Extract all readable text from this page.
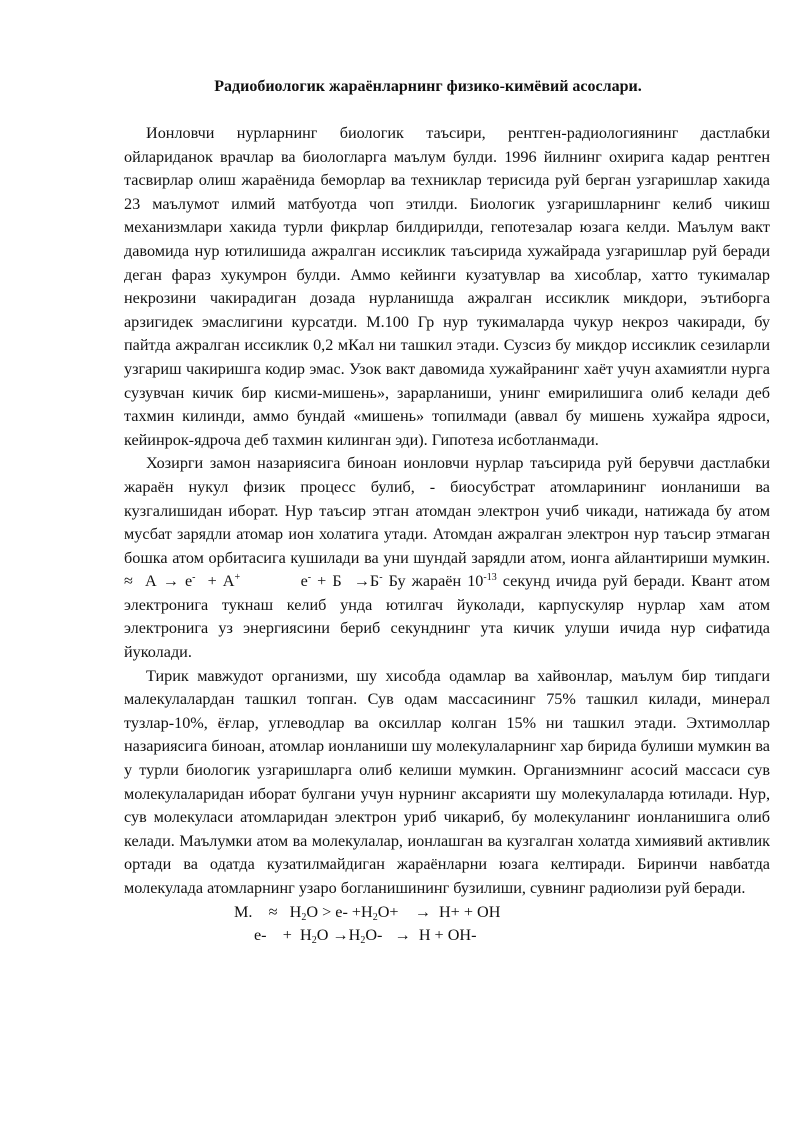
Радиобиологик жараёнларнинг физико-кимёвий асослари.

Ионловчи нурларнинг биологик таъсири, рентген-радиологиянинг дастлабки ойлариданок врачлар ва биологларга маълум булди. 1996 йилнинг охирига кадар рентген тасвирлар олиш жараёнида беморлар ва техниклар терисида руй берган узгаришлар хакида 23 маълумот илмий матбуотда чоп этилди. Биологик узгаришларнинг келиб чикиш механизмлари хакида турли фикрлар билдирилди, гепотезалар юзага келди. Маълум вакт давомида нур ютилишида ажралган иссиклик таъсирида хужайрада узгаришлар руй беради деган фараз хукумрон булди. Аммо кейинги кузатувлар ва хисоблар, хатто тукималар некрозини чакирадиган дозада нурланишда ажралган иссиклик микдори, эътиборга арзигидек эмаслигини курсатди. М.100 Гр нур тукималарда чукур некроз чакиради, бу пайтда ажралган иссиклик 0,2 мКал ни ташкил этади. Сузсиз бу микдор иссиклик сезиларли узгариш чакиришга кодир эмас. Узок вакт давомида хужайранинг хаёт учун ахамиятли нурга сузувчан кичик бир кисми-мишень», зарарланиши, унинг емирилишига олиб келади деб тахмин килинди, аммо бундай «мишень» топилмади (аввал бу мишень хужайра ядроси, кейинрок-ядроча деб тахмин килинган эди). Гипотеза исботланмади.

Хозирги замон назариясига биноан ионловчи нурлар таъсирида руй берувчи дастлабки жараён нукул физик процесс булиб, - биосубстрат атомларининг ионланиши ва кузгалишидан иборат. Нур таъсир этган атомдан электрон учиб чикади, натижада бу атом мусбат зарядли атомар ион холатига утади. Атомдан ажралган электрон нур таъсир этмаган бошка атом орбитасига кушилади ва уни шундай зарядли атом, ионга айлантириши мумкин. ≈  А → е-  + А+          е- + Б  →Б- Бу жараён $10^{-13}$ секунд ичида руй беради. Квант атом электронига тукнаш келиб унда ютилгач йуколади, карпускуляр нурлар хам атом электронига уз энергиясини бериб секунднинг ута кичик улуши ичида нур сифатида йуколади.

Тирик мавжудот организми, шу хисобда одамлар ва хайвонлар, маълум бир типдаги малекулалардан ташкил топган. Сув одам массасининг 75% ташкил килади, минерал тузлар-10%, ёғлар, углеводлар ва оксиллар колган 15% ни ташкил этади. Эхтимоллар назариясига биноан, атомлар ионланиши шу молекулаларнинг хар бирида булиши мумкин ва у турли биологик узгаришларга олиб келиши мумкин. Организмнинг асосий массаси сув молекулаларидан иборат булгани учун нурнинг аксарияти шу молекулаларда ютилади. Нур, сув молекуласи атомларидан электрон уриб чикариб, бу молекуланинг ионланишига олиб келади. Маълумки атом ва молекулалар, ионлашган ва кузгалган холатда химиявий активлик ортади ва одатда кузатилмайдиган жараёнларни юзага келтиради. Биринчи навбатда молекулада атомларнинг узаро богланишининг бузилиши, сувнинг радиолизи руй беради.

М.    ≈   $Н_2О > е- +Н_2О+$    →  Н+ + ОН

е-    +  $Н_2О \to Н_2О- \to Н + ОН-$
